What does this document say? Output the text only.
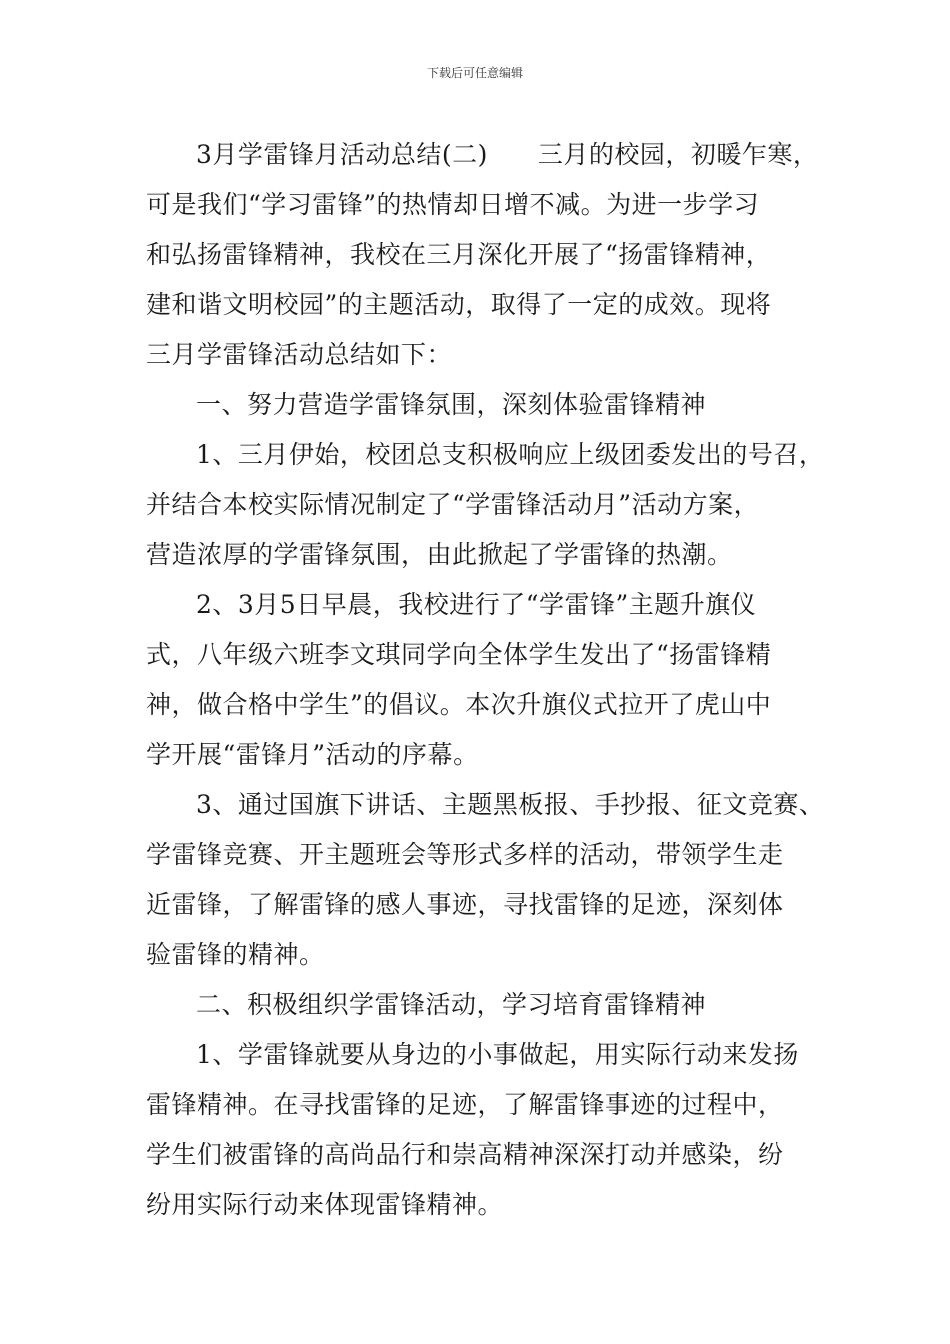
下载后可任意编辑
3月学雷锋月活动总结(二) 三月的校园，初暖乍寒，
可是我们“学习雷锋”的热情却日增不减。为进一步学习
和弘扬雷锋精神，我校在三月深化开展了“扬雷锋精神，
建和谐文明校园”的主题活动，取得了一定的成效。现将
三月学雷锋活动总结如下：
一、努力营造学雷锋氛围，深刻体验雷锋精神
1、三月伊始，校团总支积极响应上级团委发出的号召，
并结合本校实际情况制定了“学雷锋活动月”活动方案，
营造浓厚的学雷锋氛围，由此掀起了学雷锋的热潮。
2、3月5日早晨，我校进行了“学雷锋”主题升旗仪
式，八年级六班李文琪同学向全体学生发出了“扬雷锋精
神，做合格中学生”的倡议。本次升旗仪式拉开了虎山中
学开展“雷锋月”活动的序幕。
3、通过国旗下讲话、主题黑板报、手抄报、征文竞赛、
学雷锋竞赛、开主题班会等形式多样的活动，带领学生走
近雷锋，了解雷锋的感人事迹，寻找雷锋的足迹，深刻体
验雷锋的精神。
二、积极组织学雷锋活动，学习培育雷锋精神
1、学雷锋就要从身边的小事做起，用实际行动来发扬
雷锋精神。在寻找雷锋的足迹，了解雷锋事迹的过程中，
学生们被雷锋的高尚品行和崇高精神深深打动并感染，纷
纷用实际行动来体现雷锋精神。
